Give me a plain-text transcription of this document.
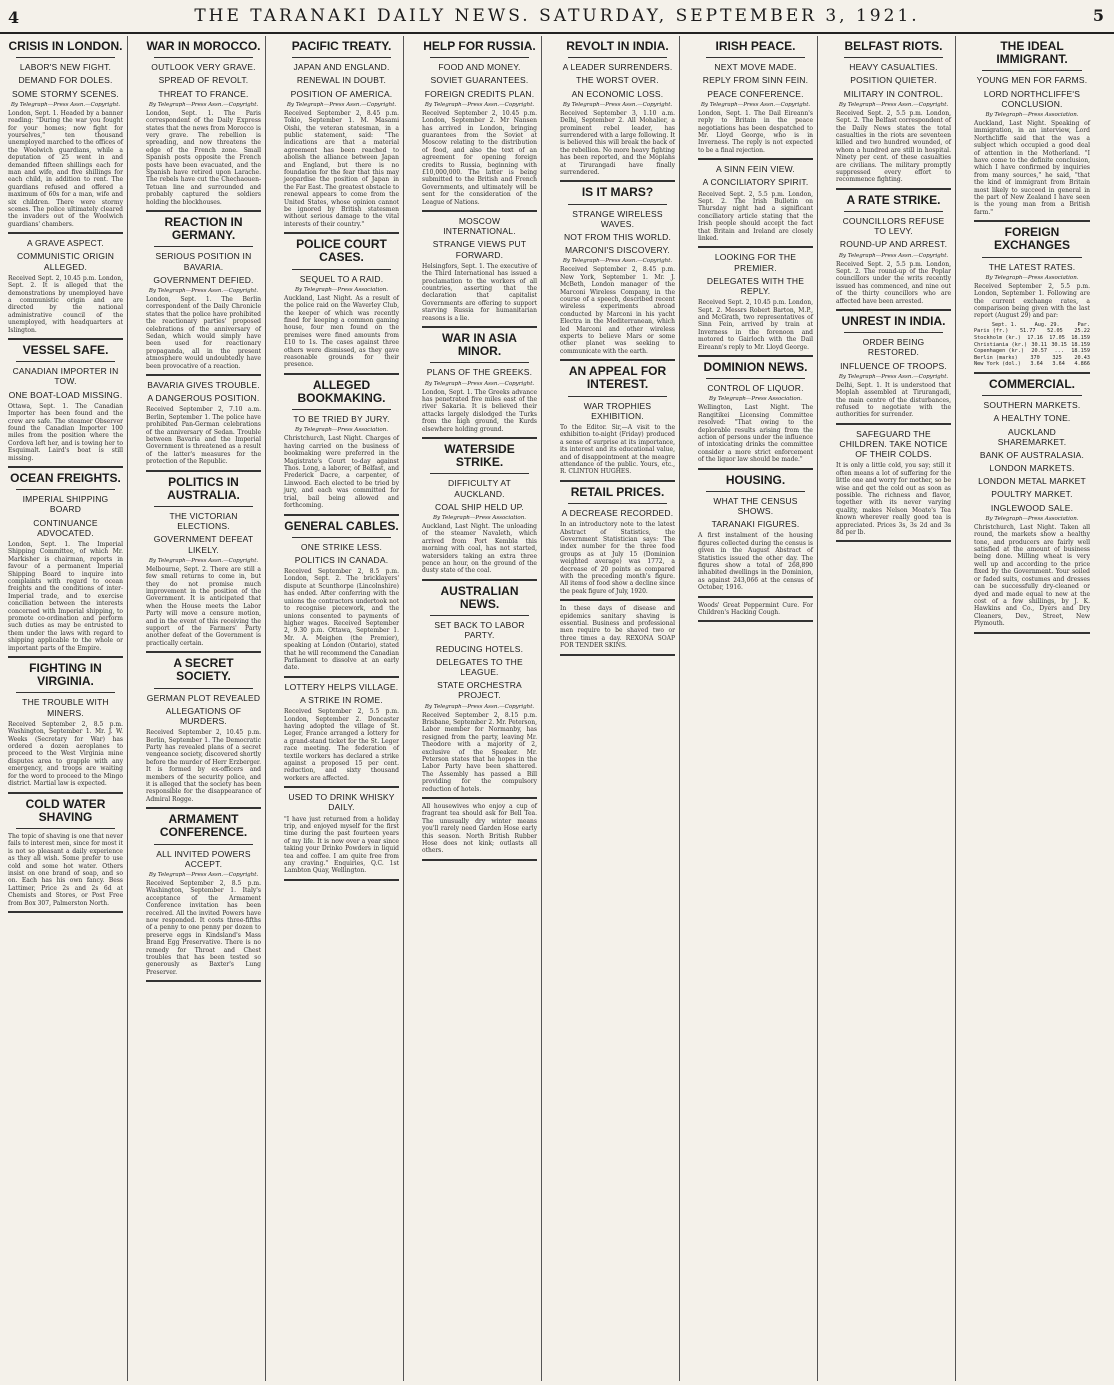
4	THE TARANAKI DAILY NEWS. SATURDAY, SEPTEMBER 3, 1921.	5
CRISIS IN LONDON.
LABOR'S NEW FIGHT.
DEMAND FOR DOLES.
SOME STORMY SCENES.
By Telegraph—Press Assn.—Copyright.
London, Sept. 1. Headed by a banner reading: "During the war you fought for your homes; now fight for yourselves," ten thousand unemployed marched to the offices of the Woolwich guardians, while a deputation of 25 went in and demanded fifteen shillings each for man and wife, and five shillings for each child, in addition to rent. The guardians refused and offered a maximum of 60s for a man, wife and six children. There were stormy scenes. The police ultimately cleared the invaders out of the Woolwich guardians' chambers.
A GRAVE ASPECT.
COMMUNISTIC ORIGIN ALLEGED.
Received Sept. 2, 10.45 p.m. London, Sept. 2. It is alleged that the demonstrations by unemployed have a communistic origin and are directed by the national administrative council of the unemployed, with headquarters at Islington.
VESSEL SAFE.
CANADIAN IMPORTER IN TOW.
ONE BOAT-LOAD MISSING.
Ottawa, Sept. 1. The Canadian Importer has been found and the crew are safe. The steamer Observer found the Canadian Importer 100 miles from the position where the Cordova left her, and is towing her to Esquimalt. Laird's boat is still missing.
OCEAN FREIGHTS.
IMPERIAL SHIPPING BOARD
CONTINUANCE ADVOCATED.
London, Sept. 1. The Imperial Shipping Committee, of which Mr. Markisher is chairman, reports in favour of a permanent Imperial Shipping Board to inquire into complaints with regard to ocean freights and the conditions of inter-Imperial trade, and to exercise conciliation between the interests concerned with Imperial shipping, to promote co-ordination and perform such duties as may be entrusted to them under the laws with regard to shipping applicable to the whole or important parts of the Empire.
FIGHTING IN VIRGINIA.
THE TROUBLE WITH MINERS.
Received September 2, 8.5 p.m. Washington, September 1. Mr. J. W. Weeks (Secretary for War) has ordered a dozen aeroplanes to proceed to the West Virginia mine disputes area to grapple with any emergency, and troops are waiting for the word to proceed to the Mingo district. Martial law is expected.
COLD WATER SHAVING
The topic of shaving is one that never fails to interest men, since for most it is not so pleasant a daily experience as they all wish. Some prefer to use cold and some hot water. Others insist on one brand of soap, and so on. Each has his own fancy. Bess Lattimer, Price 2s and 2s 6d at Chemists and Stores, or Post Free from Box 307, Palmerston North.
WAR IN MOROCCO.
OUTLOOK VERY GRAVE.
SPREAD OF REVOLT.
THREAT TO FRANCE.
By Telegraph—Press Assn.—Copyright.
London, Sept. 1. The Paris correspondent of the Daily Express states that the news from Morocco is very grave. The rebellion is spreading, and now threatens the edge of the French zone. Small Spanish posts opposite the French posts have been evacuated, and the Spanish have retired upon Larache. The rebels have cut the Chechaouen-Tetuan line and surrounded and probably captured the soldiers holding the blockhouses.
REACTION IN GERMANY.
SERIOUS POSITION IN BAVARIA.
GOVERNMENT DEFIED.
By Telegraph—Press Assn.—Copyright.
London, Sept. 1. The Berlin correspondent of the Daily Chronicle states that the police have prohibited the reactionary parties' proposed celebrations of the anniversary of Sedan, which would simply have been used for reactionary propaganda, all in the present atmosphere would undoubtedly have been provocative of a reaction.
BAVARIA GIVES TROUBLE.
A DANGEROUS POSITION.
Received September 2, 7.10 a.m. Berlin, September 1. The police have prohibited Pan-German celebrations of the anniversary of Sedan. Trouble between Bavaria and the Imperial Government is threatened as a result of the latter's measures for the protection of the Republic.
POLITICS IN AUSTRALIA.
THE VICTORIAN ELECTIONS.
GOVERNMENT DEFEAT LIKELY.
By Telegraph—Press Assn.—Copyright.
Melbourne, Sept. 2. There are still a few small returns to come in, but they do not promise much improvement in the position of the Government. It is anticipated that when the House meets the Labor Party will move a censure motion, and in the event of this receiving the support of the Farmers' Party another defeat of the Government is practically certain.
A SECRET SOCIETY.
GERMAN PLOT REVEALED
ALLEGATIONS OF MURDERS.
Received September 2, 10.45 p.m. Berlin, September 1. The Democratic Party has revealed plans of a secret vengeance society, discovered shortly before the murder of Herr Erzberger. It is formed by ex-officers and members of the security police, and it is alleged that the society has been responsible for the disappearance of Admiral Rogge.
ARMAMENT CONFERENCE.
ALL INVITED POWERS ACCEPT.
By Telegraph—Press Assn.—Copyright.
Received September 2, 8.5 p.m. Washington, September 1. Italy's acceptance of the Armament Conference invitation has been received. All the invited Powers have now responded. It costs three-fifths of a penny to one penny per dozen to preserve eggs in Kindsland's Mass Brand Egg Preservative. There is no remedy for Throat and Chest troubles that has been tested so generously as Baxter's Lung Preserver.
PACIFIC TREATY.
JAPAN AND ENGLAND.
RENEWAL IN DOUBT.
POSITION OF AMERICA.
By Telegraph—Press Assn.—Copyright.
Received September 2, 8.45 p.m. Tokio, September 1. M. Masami Oishi, the veteran statesman, in a public statement, said: "The indications are that a material agreement has been reached to abolish the alliance between Japan and England, but there is no foundation for the fear that this may jeopardise the position of Japan in the Far East. The greatest obstacle to renewal appears to come from the United States, whose opinion cannot be ignored by British statesmen without serious damage to the vital interests of their country."
POLICE COURT CASES.
SEQUEL TO A RAID.
By Telegraph—Press Association.
Auckland, Last Night. As a result of the police raid on the Waverley Club, the keeper of which was recently fined for keeping a common gaming house, four men found on the premises were fined amounts from £10 to 1s. The cases against three others were dismissed, as they gave reasonable grounds for their presence.
ALLEGED BOOKMAKING.
TO BE TRIED BY JURY.
By Telegraph—Press Association.
Christchurch, Last Night. Charges of having carried on the business of bookmaking were preferred in the Magistrate's Court to-day against Thos. Long, a laborer, of Belfast, and Frederick Dacre, a carpenter, of Linwood. Each elected to be tried by jury, and each was committed for trial, bail being allowed and forthcoming.
GENERAL CABLES.
ONE STRIKE LESS.
POLITICS IN CANADA.
Received September 2, 8.5 p.m. London, Sept. 2. The bricklayers' dispute at Scunthorpe (Lincolnshire) has ended. After conferring with the unions the contractors undertook not to recognise piecework, and the unions consented to payments of higher wages. Received September 2, 9.30 p.m. Ottawa, September 1. Mr. A. Meighen (the Premier), speaking at London (Ontario), stated that he will recommend the Canadian Parliament to dissolve at an early date.
LOTTERY HELPS VILLAGE.
A STRIKE IN ROME.
Received September 2, 5.5 p.m. London, September 2. Doncaster having adopted the village of St. Leger, France arranged a lottery for a grand-stand ticket for the St. Leger race meeting. The federation of textile workers has declared a strike against a proposed 15 per cent. reduction, and sixty thousand workers are affected.
USED TO DRINK WHISKY DAILY.
"I have just returned from a holiday trip, and enjoyed myself for the first time during the past fourteen years of my life. It is now over a year since taking your Drinko Powders in liquid tea and coffee. I am quite free from any craving." Enquiries, Q.C. 1st Lambton Quay, Wellington.
HELP FOR RUSSIA.
FOOD AND MONEY.
SOVIET GUARANTEES.
FOREIGN CREDITS PLAN.
By Telegraph—Press Assn.—Copyright.
Received September 2, 10.45 p.m. London, September 2. Mr Nansen has arrived in London, bringing guarantees from the Soviet at Moscow relating to the distribution of food, and also the text of an agreement for opening foreign credits to Russia, beginning with £10,000,000. The latter is being submitted to the British and French Governments, and ultimately will be sent for the consideration of the League of Nations.
MOSCOW INTERNATIONAL.
STRANGE VIEWS PUT FORWARD.
Helsingfors, Sept. 1. The executive of the Third International has issued a proclamation to the workers of all countries, asserting that the declaration that capitalist Governments are offering to support starving Russia for humanitarian reasons is a lie.
WAR IN ASIA MINOR.
PLANS OF THE GREEKS.
By Telegraph—Press Assn.—Copyright.
London, Sept. 1. The Greeks advance has penetrated five miles east of the river Sakaria. It is believed their attacks largely dislodged the Turks from the high ground, the Kurds elsewhere holding ground.
WATERSIDE STRIKE.
DIFFICULTY AT AUCKLAND.
COAL SHIP HELD UP.
By Telegraph—Press Association.
Auckland, Last Night. The unloading of the steamer Navaleth, which arrived from Port Kembla this morning with coal, has not started, watersiders taking an extra three pence an hour, on the ground of the dusty state of the coal.
AUSTRALIAN NEWS.
SET BACK TO LABOR PARTY.
REDUCING HOTELS.
DELEGATES TO THE LEAGUE.
STATE ORCHESTRA PROJECT.
By Telegraph—Press Assn.—Copyright.
Received September 2, 8.15 p.m. Brisbane, September 2. Mr. Peterson, Labor member for Normanby, has resigned from the party, leaving Mr. Theodore with a majority of 2, exclusive of the Speaker. Mr. Peterson states that he hopes in the Labor Party have been shattered. The Assembly has passed a Bill providing for the compulsory reduction of hotels.
All housewives who enjoy a cup of fragrant tea should ask for Bell Tea. The unusually dry winter means you'll rarely need Garden Hose early this season. North British Rubber Hose does not kink; outlasts all others.
REVOLT IN INDIA.
A LEADER SURRENDERS.
THE WORST OVER.
AN ECONOMIC LOSS.
By Telegraph—Press Assn.—Copyright.
Received September 3, 1.10 a.m. Delhi, September 2. All Mohalier, a prominent rebel leader, has surrendered with a large following. It is believed this will break the back of the rebellion. No more heavy fighting has been reported, and the Moplahs at Tirurangadi have finally surrendered.
IS IT MARS?
STRANGE WIRELESS WAVES.
NOT FROM THIS WORLD.
MARCONI'S DISCOVERY.
By Telegraph—Press Assn.—Copyright.
Received September 2, 8.45 p.m. New York, September 1. Mr. J. McBeth, London manager of the Marconi Wireless Company, in the course of a speech, described recent wireless experiments abroad conducted by Marconi in his yacht Electra in the Mediterranean, which led Marconi and other wireless experts to believe Mars or some other planet was seeking to communicate with the earth.
AN APPEAL FOR INTEREST.
WAR TROPHIES EXHIBITION.
To the Editor. Sir,—A visit to the exhibition to-night (Friday) produced a sense of surprise at its importance, its interest and its educational value, and of disappointment at the meagre attendance of the public. Yours, etc., R. CLINTON HUGHES.
RETAIL PRICES.
A DECREASE RECORDED.
In an introductory note to the latest Abstract of Statistics, the Government Statistician says: The index number for the three food groups as at July 15 (Dominion weighted average) was 1772, a decrease of 20 points as compared with the preceding month's figure. All items of food show a decline since the peak figure of July, 1920.
In these days of disease and epidemics sanitary shaving is essential. Business and professional men require to be shaved two or three times a day. REXONA SOAP FOR TENDER SKINS.
IRISH PEACE.
NEXT MOVE MADE.
REPLY FROM SINN FEIN.
PEACE CONFERENCE.
By Telegraph—Press Assn.—Copyright.
London, Sept. 1. The Dail Eireann's reply to Britain in the peace negotiations has been despatched to Mr. Lloyd George, who is in Inverness. The reply is not expected to be a final rejection.
A SINN FEIN VIEW.
A CONCILIATORY SPIRIT.
Received Sept. 2, 5.5 p.m. London, Sept. 2. The Irish Bulletin on Thursday night had a significant conciliatory article stating that the Irish people should accept the fact that Britain and Ireland are closely linked.
LOOKING FOR THE PREMIER.
DELEGATES WITH THE REPLY.
Received Sept. 2, 10.45 p.m. London, Sept. 2. Messrs Robert Barton, M.P., and McGrath, two representatives of Sinn Fein, arrived by train at Inverness in the forenoon and motored to Gairloch with the Dail Eireann's reply to Mr. Lloyd George.
DOMINION NEWS.
CONTROL OF LIQUOR.
By Telegraph—Press Association.
Wellington, Last Night. The Rangitikei Licensing Committee resolved: "That owing to the deplorable results arising from the action of persons under the influence of intoxicating drinks the committee consider a more strict enforcement of the liquor law should be made."
HOUSING.
WHAT THE CENSUS SHOWS.
TARANAKI FIGURES.
A first instalment of the housing figures collected during the census is given in the August Abstract of Statistics issued the other day. The figures show a total of 268,890 inhabited dwellings in the Dominion, as against 243,066 at the census of October, 1916.
Woods' Great Peppermint Cure. For Children's Hacking Cough.
BELFAST RIOTS.
HEAVY CASUALTIES.
POSITION QUIETER.
MILITARY IN CONTROL.
By Telegraph—Press Assn.—Copyright.
Received Sept. 2, 5.5 p.m. London, Sept. 2. The Belfast correspondent of the Daily News states the total casualties in the riots are seventeen killed and two hundred wounded, of whom a hundred are still in hospital. Ninety per cent. of these casualties are civilians. The military promptly suppressed every effort to recommence fighting.
A RATE STRIKE.
COUNCILLORS REFUSE TO LEVY.
ROUND-UP AND ARREST.
By Telegraph—Press Assn.—Copyright.
Received Sept. 2, 5.5 p.m. London, Sept. 2. The round-up of the Poplar councillors under the writs recently issued has commenced, and nine out of the thirty councillors who are affected have been arrested.
UNREST IN INDIA.
ORDER BEING RESTORED.
INFLUENCE OF TROOPS.
By Telegraph—Press Assn.—Copyright.
Delhi, Sept. 1. It is understood that Moplah assembled at Tirurangadi, the main centre of the disturbances, refused to negotiate with the authorities for surrender.
SAFEGUARD THE CHILDREN. TAKE NOTICE OF THEIR COLDS.
It is only a little cold, you say; still it often means a lot of suffering for the little one and worry for mother, so be wise and get the cold out as soon as possible. The richness and flavor, together with its never varying quality, makes Nelson Moate's Tea known wherever really good tea is appreciated. Prices 3s, 3s 2d and 3s 8d per lb.
THE IDEAL IMMIGRANT.
YOUNG MEN FOR FARMS.
LORD NORTHCLIFFE'S CONCLUSION.
By Telegraph—Press Association.
Auckland, Last Night. Speaking of immigration, in an interview, Lord Northcliffe said that the was a subject which occupied a good deal of attention in the Motherland. "I have come to the definite conclusion, which I have confirmed by inquiries from many sources," he said, "that the kind of immigrant from Britain most likely to succeed in general in the part of New Zealand I have seen is the young man from a British farm."
FOREIGN EXCHANGES
THE LATEST RATES.
By Telegraph—Press Association.
Received September 2, 5.5 p.m. London, September 1. Following are the current exchange rates, a comparison being given with the last report (August 29) and par:
Sept. 1.	Aug. 29.	Par.
Paris (fr.) 51.77 52.05 25.22
Stockholm (kr.) 17.16 17.05 18.159
Christiania (kr.) 30.11 30.15 18.159
Copenhagen (kr.) 20.57 ... 18.159
Berlin (marks) 370 325 20.43
New York (dol.) 3.64 3.64 4.866
COMMERCIAL.
SOUTHERN MARKETS.
A HEALTHY TONE.
AUCKLAND SHAREMARKET.
BANK OF AUSTRALASIA.
LONDON MARKETS.
LONDON METAL MARKET
POULTRY MARKET.
INGLEWOOD SALE.
By Telegraph—Press Association.
Christchurch, Last Night. Taken all round, the markets show a healthy tone, and producers are fairly well satisfied at the amount of business being done. Milling wheat is very well up and according to the price fixed by the Government. Your soiled or faded suits, costumes and dresses can be successfully dry-cleaned or dyed and made equal to new at the cost of a few shillings, by J. K. Hawkins and Co., Dyers and Dry Cleaners, Dev., Street, New Plymouth.
